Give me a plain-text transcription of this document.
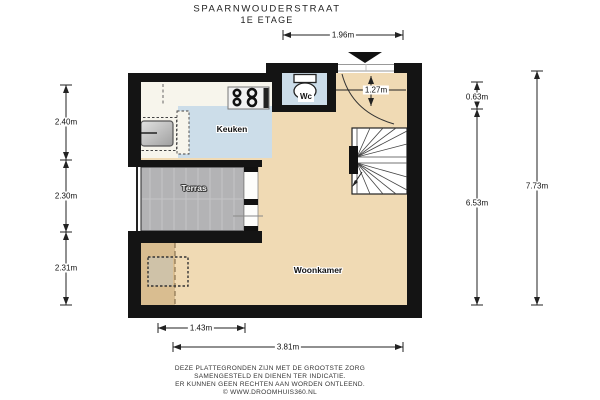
SPAARNWOUDERSTRAAT
1E ETAGE
1.96m
1.27m
2.40m
2.30m
2.31m
0.63m
6.53m
7.73m
1.43m
3.81m
Keuken
Wc
Terras
Woonkamer
DEZE PLATTEGRONDEN ZIJN MET DE GROOTSTE ZORG
SAMENGESTELD EN DIENEN TER INDICATIE.
ER KUNNEN GEEN RECHTEN AAN WORDEN ONTLEEND.
© WWW.DROOMHUIS360.NL
